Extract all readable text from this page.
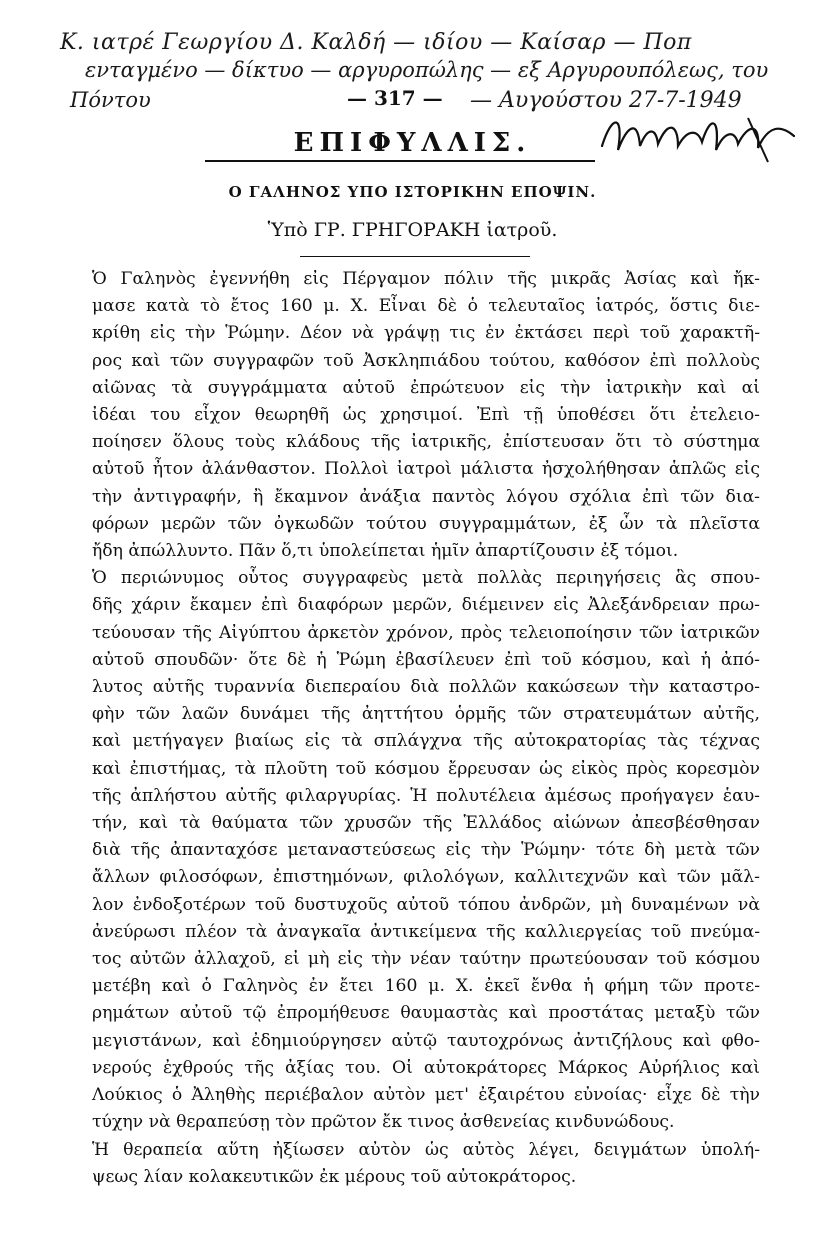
Κ. ιατρέ Γεωργίου Δ. Καλδή — ιδίου — Καίσαρ — Ποπ
ενταγμένο — δίκτυο — αργυροπώλης — εξ Αργυρουπόλεως, του
Πόντου	— Αυγούστου 27-7-1949
— 317 —
ΕΠΙΦΥΛΛΙΣ.
Ο ΓΑΛΗΝΟΣ ΥΠΟ ΙΣΤΟΡΙΚΗΝ ΕΠΟΨΙΝ.
Ὑπὸ ΓΡ. ΓΡΗΓΟΡΑΚΗ ἰατροῦ.
Ὁ Γαληνὸς ἐγεννήθη εἰς Πέργαμον πόλιν τῆς μικρᾶς Ἀσίας καὶ ἤκ-
μασε κατὰ τὸ ἔτος 160 μ. Χ. Εἶναι δὲ ὁ τελευταῖος ἰατρός, ὅστις διε-
κρίθη εἰς τὴν Ῥώμην. Δέον νὰ γράψῃ τις ἐν ἐκτάσει περὶ τοῦ χαρακτῆ-
ρος καὶ τῶν συγγραφῶν τοῦ Ἀσκληπιάδου τούτου, καθόσον ἐπὶ πολλοὺς
αἰῶνας τὰ συγγράμματα αὐτοῦ ἐπρώτευον εἰς τὴν ἰατρικὴν καὶ αἱ
ἰδέαι του εἶχον θεωρηθῆ ὡς χρησιμοί. Ἐπὶ τῇ ὑποθέσει ὅτι ἐτελειο-
ποίησεν ὅλους τοὺς κλάδους τῆς ἰατρικῆς, ἐπίστευσαν ὅτι τὸ σύστημα
αὐτοῦ ἦτον ἀλάνθαστον. Πολλοὶ ἰατροὶ μάλιστα ἠσχολήθησαν ἁπλῶς εἰς
τὴν ἀντιγραφήν, ἢ ἔκαμνον ἀνάξια παντὸς λόγου σχόλια ἐπὶ τῶν δια-
φόρων μερῶν τῶν ὀγκωδῶν τούτου συγγραμμάτων, ἐξ ὧν τὰ πλεῖστα
ἤδη ἀπώλλυντο. Πᾶν ὅ,τι ὑπολείπεται ἡμῖν ἀπαρτίζουσιν ἐξ τόμοι.
Ὁ περιώνυμος οὗτος συγγραφεὺς μετὰ πολλὰς περιηγήσεις ἃς σπου-
δῆς χάριν ἔκαμεν ἐπὶ διαφόρων μερῶν, διέμεινεν εἰς Ἀλεξάνδρειαν πρω-
τεύουσαν τῆς Αἰγύπτου ἀρκετὸν χρόνον, πρὸς τελειοποίησιν τῶν ἰατρικῶν
αὐτοῦ σπουδῶν· ὅτε δὲ ἡ Ῥώμη ἐβασίλευεν ἐπὶ τοῦ κόσμου, καὶ ἡ ἀπό-
λυτος αὐτῆς τυραννία διεπεραίου διὰ πολλῶν κακώσεων τὴν καταστρο-
φὴν τῶν λαῶν δυνάμει τῆς ἀηττήτου ὁρμῆς τῶν στρατευμάτων αὐτῆς,
καὶ μετήγαγεν βιαίως εἰς τὰ σπλάγχνα τῆς αὐτοκρατορίας τὰς τέχνας
καὶ ἐπιστήμας, τὰ πλοῦτη τοῦ κόσμου ἔρρευσαν ὡς εἰκὸς πρὸς κορεσμὸν
τῆς ἀπλήστου αὐτῆς φιλαργυρίας. Ἡ πολυτέλεια ἀμέσως προήγαγεν ἑαυ-
τήν, καὶ τὰ θαύματα τῶν χρυσῶν τῆς Ἑλλάδος αἰώνων ἀπεσβέσθησαν
διὰ τῆς ἀπανταχόσε μεταναστεύσεως εἰς τὴν Ῥώμην· τότε δὴ μετὰ τῶν
ἄλλων φιλοσόφων, ἐπιστημόνων, φιλολόγων, καλλιτεχνῶν καὶ τῶν μᾶλ-
λον ἐνδοξοτέρων τοῦ δυστυχοῦς αὐτοῦ τόπου ἀνδρῶν, μὴ δυναμένων νὰ
ἀνεύρωσι πλέον τὰ ἀναγκαῖα ἀντικείμενα τῆς καλλιεργείας τοῦ πνεύμα-
τος αὐτῶν ἀλλαχοῦ, εἰ μὴ εἰς τὴν νέαν ταύτην πρωτεύουσαν τοῦ κόσμου
μετέβη καὶ ὁ Γαληνὸς ἐν ἔτει 160 μ. Χ. ἐκεῖ ἔνθα ἡ φήμη τῶν προτε-
ρημάτων αὐτοῦ τῷ ἐπρομήθευσε θαυμαστὰς καὶ προστάτας μεταξὺ τῶν
μεγιστάνων, καὶ ἐδημιούργησεν αὐτῷ ταυτοχρόνως ἀντιζήλους καὶ φθο-
νερούς ἐχθρούς τῆς ἀξίας του. Οἱ αὐτοκράτορες Μάρκος Αὐρήλιος καὶ
Λούκιος ὁ Ἀληθὴς περιέβαλον αὐτὸν μετ' ἐξαιρέτου εὐνοίας· εἶχε δὲ τὴν
τύχην νὰ θεραπεύσῃ τὸν πρῶτον ἔκ τινος ἀσθενείας κινδυνώδους.
Ἡ θεραπεία αὕτη ἠξίωσεν αὐτὸν ὡς αὐτὸς λέγει, δειγμάτων ὑπολή-
ψεως λίαν κολακευτικῶν ἐκ μέρους τοῦ αὐτοκράτορος.
